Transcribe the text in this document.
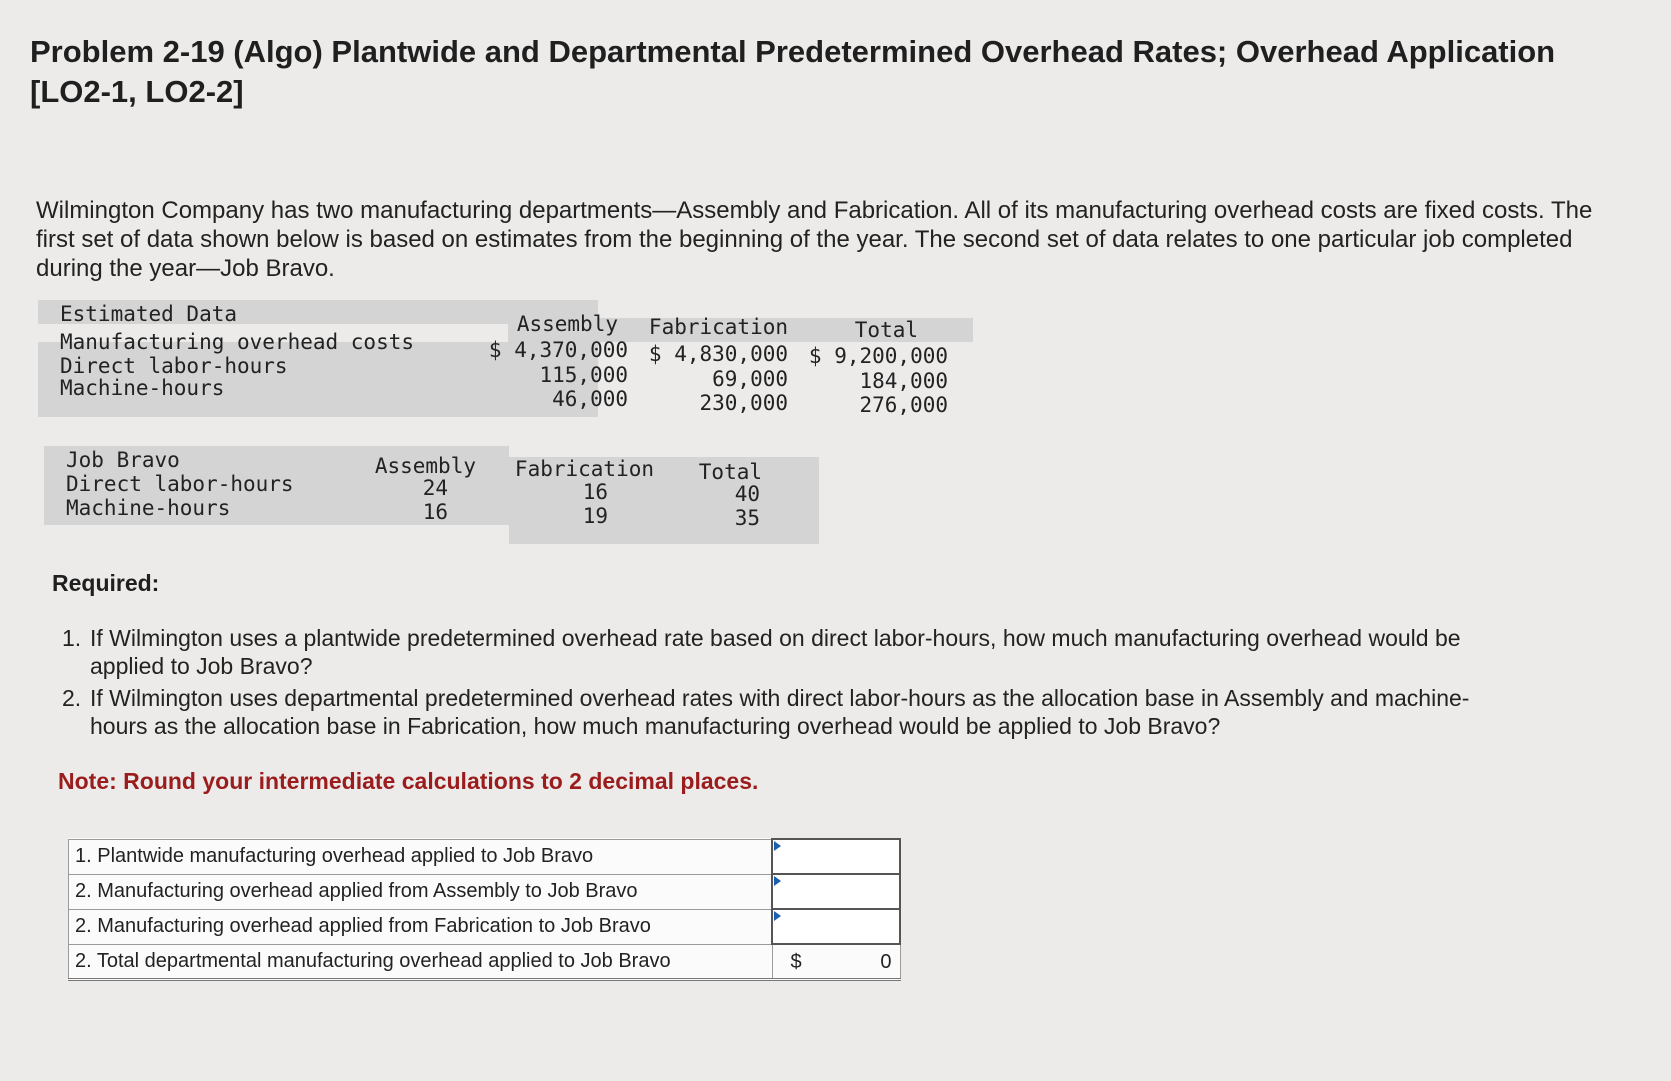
Problem 2-19 (Algo) Plantwide and Departmental Predetermined Overhead Rates; Overhead Application [LO2-1, LO2-2]
Wilmington Company has two manufacturing departments—Assembly and Fabrication. All of its manufacturing overhead costs are fixed costs. The first set of data shown below is based on estimates from the beginning of the year. The second set of data relates to one particular job completed during the year—Job Bravo.
Estimated Data	Assembly Fabrication	Total
Manufacturing overhead costs	$ 4,370,000 $ 4,830,000 $ 9,200,000
Direct labor-hours	115,000	69,000	184,000
Machine-hours	46,000	230,000	276,000
Job Bravo	Assembly Fabrication	Total
Direct labor-hours	24	16	40
Machine-hours	16	19	35
Required:
1. If Wilmington uses a plantwide predetermined overhead rate based on direct labor-hours, how much manufacturing overhead would be applied to Job Bravo?
2. If Wilmington uses departmental predetermined overhead rates with direct labor-hours as the allocation base in Assembly and machine-hours as the allocation base in Fabrication, how much manufacturing overhead would be applied to Job Bravo?
Note: Round your intermediate calculations to 2 decimal places.
1. Plantwide manufacturing overhead applied to Job Bravo	

2. Manufacturing overhead applied from Assembly to Job Bravo	

2. Manufacturing overhead applied from Fabrication to Job Bravo	

2. Total departmental manufacturing overhead applied to Job Bravo	$ 0
